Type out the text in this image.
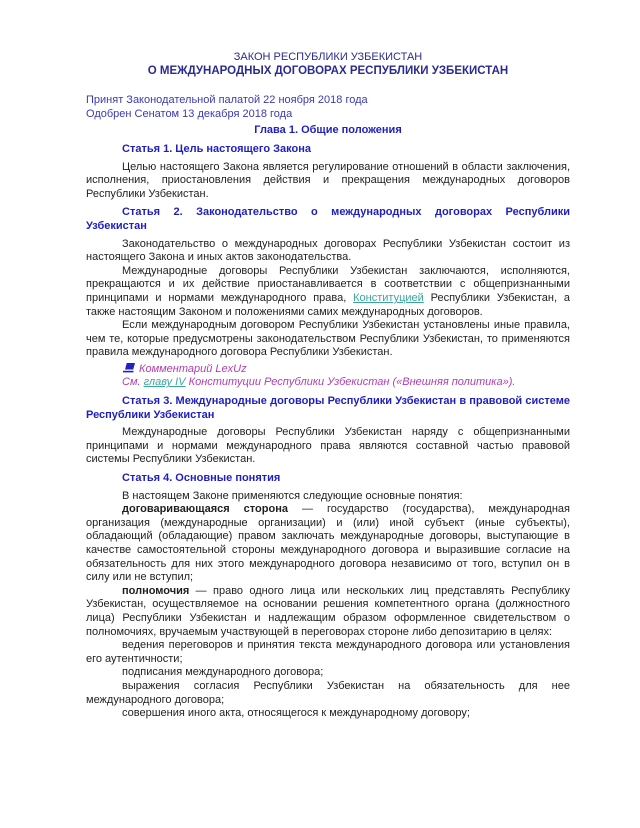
ЗАКОН РЕСПУБЛИКИ УЗБЕКИСТАН
О МЕЖДУНАРОДНЫХ ДОГОВОРАХ РЕСПУБЛИКИ УЗБЕКИСТАН
Принят Законодательной палатой 22 ноября 2018 года
Одобрен Сенатом 13 декабря 2018 года
Глава 1. Общие положения
Статья 1. Цель настоящего Закона
Целью настоящего Закона является регулирование отношений в области заключения, исполнения, приостановления действия и прекращения международных договоров Республики Узбекистан.
Статья 2. Законодательство о международных договорах Республики Узбекистан
Законодательство о международных договорах Республики Узбекистан состоит из настоящего Закона и иных актов законодательства.
Международные договоры Республики Узбекистан заключаются, исполняются, прекращаются и их действие приостанавливается в соответствии с общепризнанными принципами и нормами международного права, Конституцией Республики Узбекистан, а также настоящим Законом и положениями самих международных договоров.
Если международным договором Республики Узбекистан установлены иные правила, чем те, которые предусмотрены законодательством Республики Узбекистан, то применяются правила международного договора Республики Узбекистан.
Комментарий LexUz
См. главу IV Конституции Республики Узбекистан («Внешняя политика»).
Статья 3. Международные договоры Республики Узбекистан в правовой системе Республики Узбекистан
Международные договоры Республики Узбекистан наряду с общепризнанными принципами и нормами международного права являются составной частью правовой системы Республики Узбекистан.
Статья 4. Основные понятия
В настоящем Законе применяются следующие основные понятия:
договаривающаяся сторона — государство (государства), международная организация (международные организации) и (или) иной субъект (иные субъекты), обладающий (обладающие) правом заключать международные договоры, выступающие в качестве самостоятельной стороны международного договора и выразившие согласие на обязательность для них этого международного договора независимо от того, вступил он в силу или не вступил;
полномочия — право одного лица или нескольких лиц представлять Республику Узбекистан, осуществляемое на основании решения компетентного органа (должностного лица) Республики Узбекистан и надлежащим образом оформленное свидетельством о полномочиях, вручаемым участвующей в переговорах стороне либо депозитарию в целях:
ведения переговоров и принятия текста международного договора или установления его аутентичности;
подписания международного договора;
выражения согласия Республики Узбекистан на обязательность для нее международного договора;
совершения иного акта, относящегося к международному договору;
